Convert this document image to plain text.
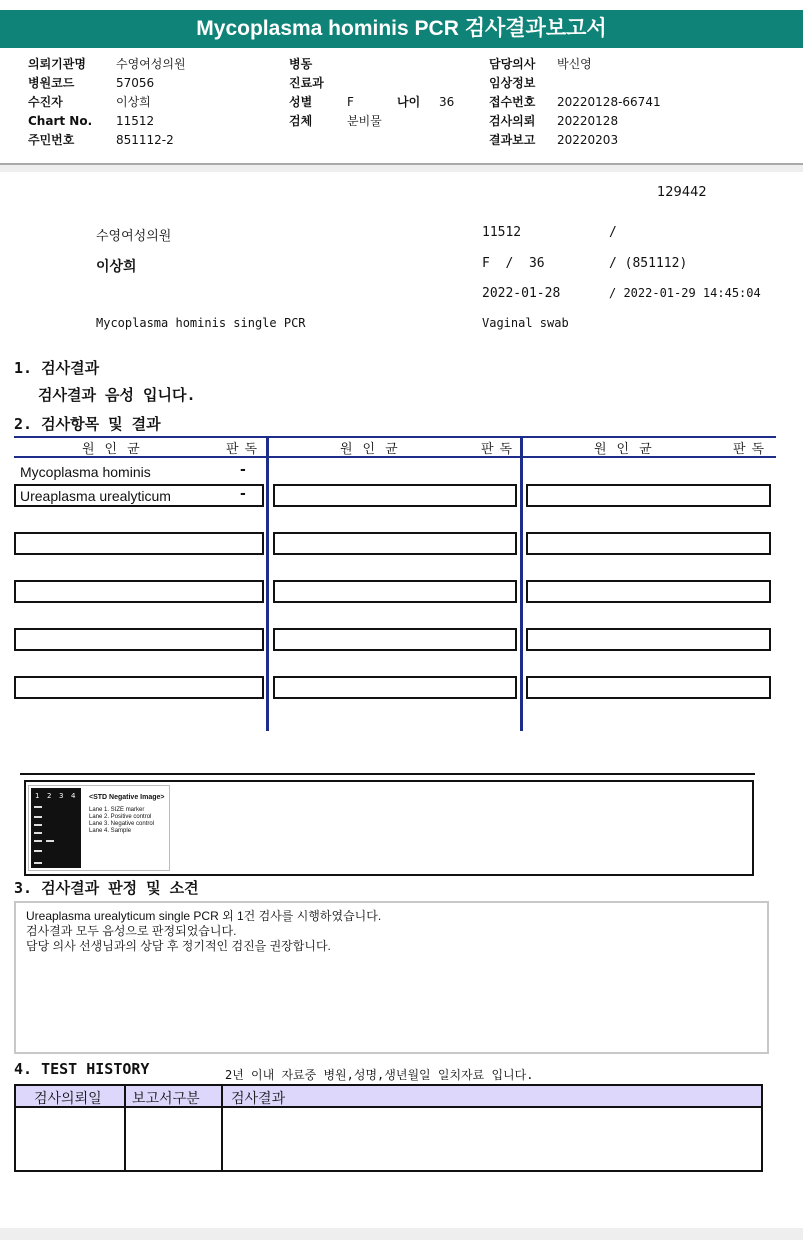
Mycoplasma hominis PCR 검사결과보고서
의뢰기관명	수영여성의원
병원코드	57056
수진자	이상희
Chart No. 11512
주민번호	851112-2
병동
진료과
성별	F	나이 36
검체	분비물
담당의사 박신영
임상정보
접수번호 20220128-66741
검사의뢰 20220128
결과보고 20220203
129442
수영여성의원	11512	/
이상희	F  /  36	/ (851112)
2022-01-28	/ 2022-01-29 14:45:04
Mycoplasma hominis single PCR	Vaginal swab
1. 검사결과
검사결과 음성 입니다.
2. 검사항목 및 결과
원인균	판독	원인균	판독	원인균	판독
Mycoplasma hominis	-
Ureaplasma urealyticum	-
1 2 3 4 <STD Negative Image>
Lane 1. SIZE marker
Lane 2. Positive control
Lane 3. Negative control
Lane 4. Sample
3. 검사결과 판정 및 소견
Ureaplasma urealyticum single PCR 외 1건 검사를 시행하였습니다.
검사결과 모두 음성으로 판정되었습니다.
담당 의사 선생님과의 상담 후 정기적인 검진을 권장합니다.
4. TEST HISTORY	2년 이내 자료중 병원,성명,생년월일 일치자료 입니다.
검사의뢰일 보고서구분 검사결과
